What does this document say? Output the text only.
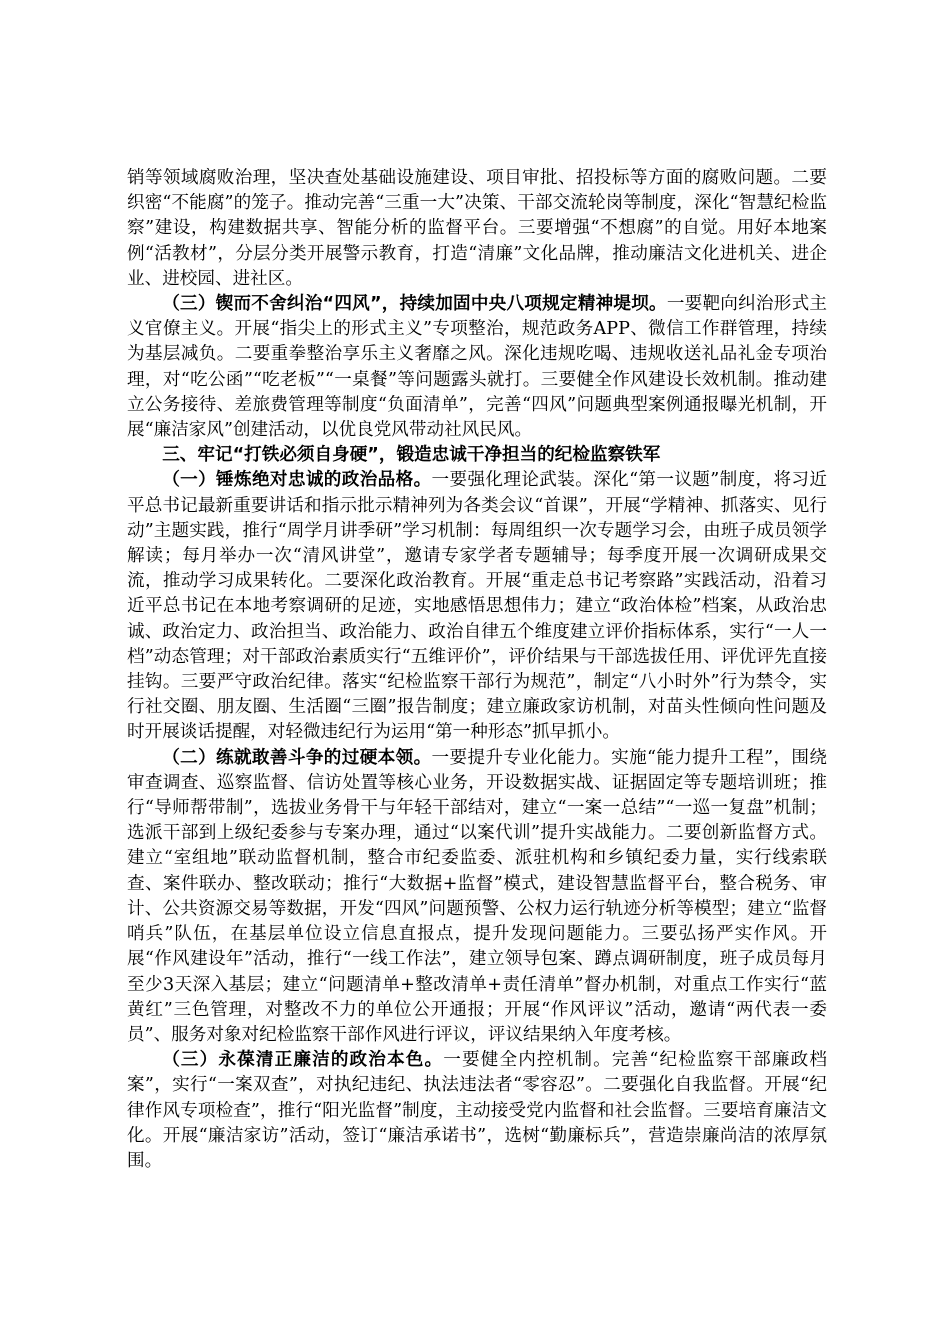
销等领域腐败治理，坚决查处基础设施建设、项目审批、招投标等方面的腐败问题。二要织密“不能腐”的笼子。推动完善“三重一大”决策、干部交流轮岗等制度，深化“智慧纪检监察”建设，构建数据共享、智能分析的监督平台。三要增强“不想腐”的自觉。用好本地案例“活教材”，分层分类开展警示教育，打造“清廉”文化品牌，推动廉洁文化进机关、进企业、进校园、进社区。

（三）锲而不舍纠治“四风”，持续加固中央八项规定精神堤坝。一要靶向纠治形式主义官僚主义。开展“指尖上的形式主义”专项整治，规范政务APP、微信工作群管理，持续为基层减负。二要重拳整治享乐主义奢靡之风。深化违规吃喝、违规收送礼品礼金专项治理，对“吃公函”“吃老板”“一桌餐”等问题露头就打。三要健全作风建设长效机制。推动建立公务接待、差旅费管理等制度“负面清单”，完善“四风”问题典型案例通报曝光机制，开展“廉洁家风”创建活动，以优良党风带动社风民风。

三、牢记“打铁必须自身硬”，锻造忠诚干净担当的纪检监察铁军

（一）锤炼绝对忠诚的政治品格。一要强化理论武装。深化“第一议题”制度，将习近平总书记最新重要讲话和指示批示精神列为各类会议“首课”，开展“学精神、抓落实、见行动”主题实践，推行“周学月讲季研”学习机制：每周组织一次专题学习会，由班子成员领学解读；每月举办一次“清风讲堂”，邀请专家学者专题辅导；每季度开展一次调研成果交流，推动学习成果转化。二要深化政治教育。开展“重走总书记考察路”实践活动，沿着习近平总书记在本地考察调研的足迹，实地感悟思想伟力；建立“政治体检”档案，从政治忠诚、政治定力、政治担当、政治能力、政治自律五个维度建立评价指标体系，实行“一人一档”动态管理；对干部政治素质实行“五维评价”，评价结果与干部选拔任用、评优评先直接挂钩。三要严守政治纪律。落实“纪检监察干部行为规范”，制定“八小时外”行为禁令，实行社交圈、朋友圈、生活圈“三圈”报告制度；建立廉政家访机制，对苗头性倾向性问题及时开展谈话提醒，对轻微违纪行为运用“第一种形态”抓早抓小。

（二）练就敢善斗争的过硬本领。一要提升专业化能力。实施“能力提升工程”，围绕审查调查、巡察监督、信访处置等核心业务，开设数据实战、证据固定等专题培训班；推行“导师帮带制”，选拔业务骨干与年轻干部结对，建立“一案一总结”“一巡一复盘”机制；选派干部到上级纪委参与专案办理，通过“以案代训”提升实战能力。二要创新监督方式。建立“室组地”联动监督机制，整合市纪委监委、派驻机构和乡镇纪委力量，实行线索联查、案件联办、整改联动；推行“大数据+监督”模式，建设智慧监督平台，整合税务、审计、公共资源交易等数据，开发“四风”问题预警、公权力运行轨迹分析等模型；建立“监督哨兵”队伍，在基层单位设立信息直报点，提升发现问题能力。三要弘扬严实作风。开展“作风建设年”活动，推行“一线工作法”，建立领导包案、蹲点调研制度，班子成员每月至少3天深入基层；建立“问题清单+整改清单+责任清单”督办机制，对重点工作实行“蓝黄红”三色管理，对整改不力的单位公开通报；开展“作风评议”活动，邀请“两代表一委员”、服务对象对纪检监察干部作风进行评议，评议结果纳入年度考核。

（三）永葆清正廉洁的政治本色。一要健全内控机制。完善“纪检监察干部廉政档案”，实行“一案双查”，对执纪违纪、执法违法者“零容忍”。二要强化自我监督。开展“纪律作风专项检查”，推行“阳光监督”制度，主动接受党内监督和社会监督。三要培育廉洁文化。开展“廉洁家访”活动，签订“廉洁承诺书”，选树“勤廉标兵”，营造崇廉尚洁的浓厚氛围。
